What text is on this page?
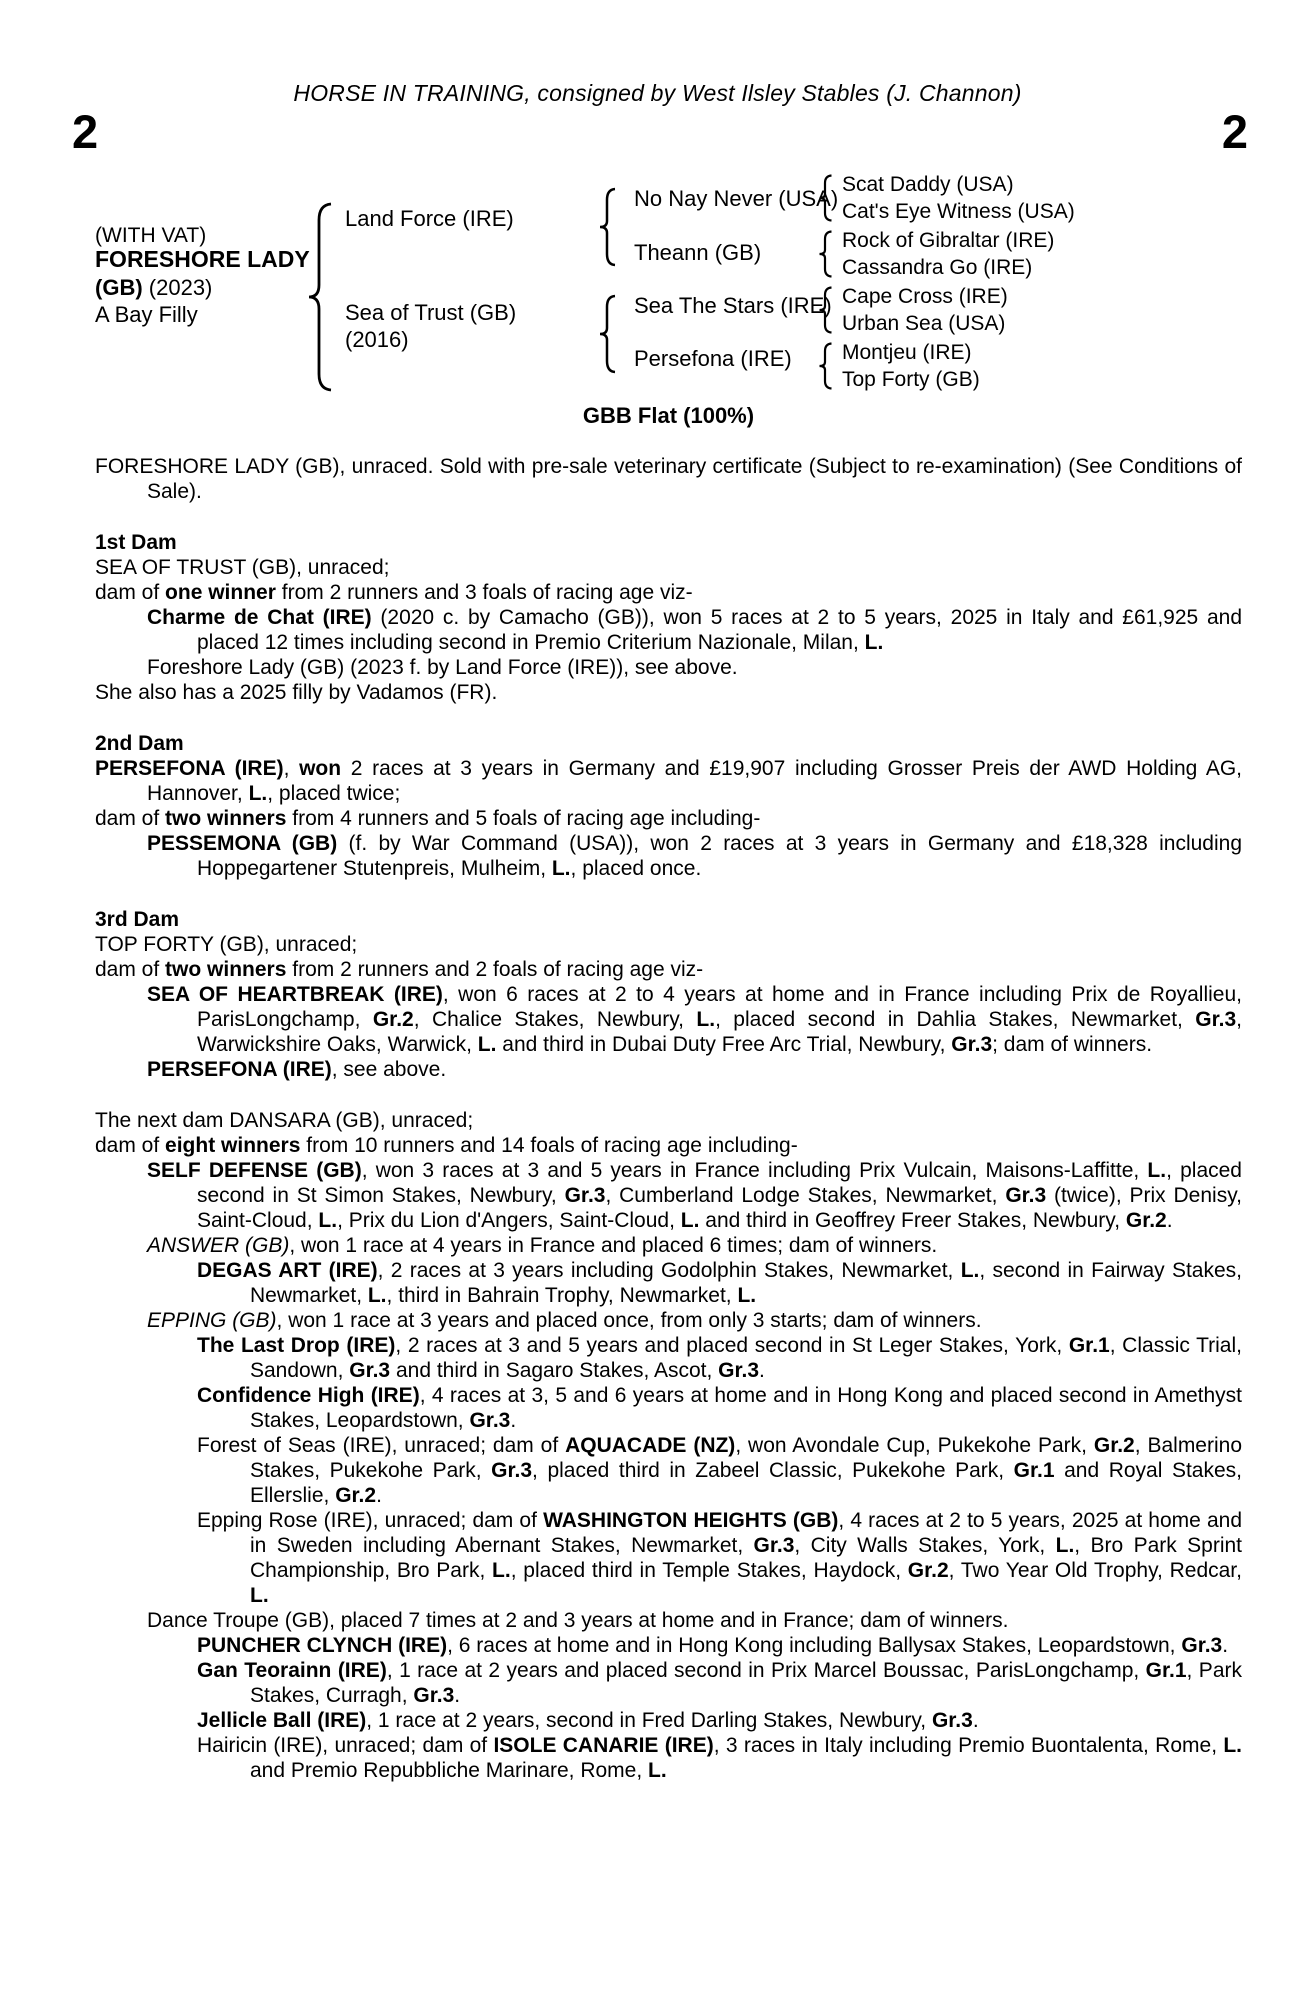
HORSE IN TRAINING, consigned by West Ilsley Stables (J. Channon)
2	2
(WITH VAT)
FORESHORE LADY
(GB) (2023)
A Bay Filly
Land Force (IRE)
Sea of Trust (GB)
(2016)
No Nay Never (USA)
Theann (GB)
Sea The Stars (IRE)
Persefona (IRE)
Scat Daddy (USA)
Cat's Eye Witness (USA)
Rock of Gibraltar (IRE)
Cassandra Go (IRE)
Cape Cross (IRE)
Urban Sea (USA)
Montjeu (IRE)
Top Forty (GB)
GBB Flat (100%)

FORESHORE LADY (GB), unraced. Sold with pre-sale veterinary certificate (Subject to re-examination) (See Conditions of Sale).

1st Dam

SEA OF TRUST (GB), unraced;

dam of one winner from 2 runners and 3 foals of racing age viz-

Charme de Chat (IRE) (2020 c. by Camacho (GB)), won 5 races at 2 to 5 years, 2025 in Italy and £61,925 and placed 12 times including second in Premio Criterium Nazionale, Milan, L.

Foreshore Lady (GB) (2023 f. by Land Force (IRE)), see above.

She also has a 2025 filly by Vadamos (FR).

2nd Dam

PERSEFONA (IRE), won 2 races at 3 years in Germany and £19,907 including Grosser Preis der AWD Holding AG, Hannover, L., placed twice;

dam of two winners from 4 runners and 5 foals of racing age including-

PESSEMONA (GB) (f. by War Command (USA)), won 2 races at 3 years in Germany and £18,328 including Hoppegartener Stutenpreis, Mulheim, L., placed once.

3rd Dam

TOP FORTY (GB), unraced;

dam of two winners from 2 runners and 2 foals of racing age viz-

SEA OF HEARTBREAK (IRE), won 6 races at 2 to 4 years at home and in France including Prix de Royallieu, ParisLongchamp, Gr.2, Chalice Stakes, Newbury, L., placed second in Dahlia Stakes, Newmarket, Gr.3, Warwickshire Oaks, Warwick, L. and third in Dubai Duty Free Arc Trial, Newbury, Gr.3; dam of winners.

PERSEFONA (IRE), see above.

The next dam DANSARA (GB), unraced;

dam of eight winners from 10 runners and 14 foals of racing age including-

SELF DEFENSE (GB), won 3 races at 3 and 5 years in France including Prix Vulcain, Maisons-Laffitte, L., placed second in St Simon Stakes, Newbury, Gr.3, Cumberland Lodge Stakes, Newmarket, Gr.3 (twice), Prix Denisy, Saint-Cloud, L., Prix du Lion d'Angers, Saint-Cloud, L. and third in Geoffrey Freer Stakes, Newbury, Gr.2.

ANSWER (GB), won 1 race at 4 years in France and placed 6 times; dam of winners.

DEGAS ART (IRE), 2 races at 3 years including Godolphin Stakes, Newmarket, L., second in Fairway Stakes, Newmarket, L., third in Bahrain Trophy, Newmarket, L.

EPPING (GB), won 1 race at 3 years and placed once, from only 3 starts; dam of winners.

The Last Drop (IRE), 2 races at 3 and 5 years and placed second in St Leger Stakes, York, Gr.1, Classic Trial, Sandown, Gr.3 and third in Sagaro Stakes, Ascot, Gr.3.

Confidence High (IRE), 4 races at 3, 5 and 6 years at home and in Hong Kong and placed second in Amethyst Stakes, Leopardstown, Gr.3.

Forest of Seas (IRE), unraced; dam of AQUACADE (NZ), won Avondale Cup, Pukekohe Park, Gr.2, Balmerino Stakes, Pukekohe Park, Gr.3, placed third in Zabeel Classic, Pukekohe Park, Gr.1 and Royal Stakes, Ellerslie, Gr.2.

Epping Rose (IRE), unraced; dam of WASHINGTON HEIGHTS (GB), 4 races at 2 to 5 years, 2025 at home and in Sweden including Abernant Stakes, Newmarket, Gr.3, City Walls Stakes, York, L., Bro Park Sprint Championship, Bro Park, L., placed third in Temple Stakes, Haydock, Gr.2, Two Year Old Trophy, Redcar, L.

Dance Troupe (GB), placed 7 times at 2 and 3 years at home and in France; dam of winners.

PUNCHER CLYNCH (IRE), 6 races at home and in Hong Kong including Ballysax Stakes, Leopardstown, Gr.3.

Gan Teorainn (IRE), 1 race at 2 years and placed second in Prix Marcel Boussac, ParisLongchamp, Gr.1, Park Stakes, Curragh, Gr.3.

Jellicle Ball (IRE), 1 race at 2 years, second in Fred Darling Stakes, Newbury, Gr.3.

Hairicin (IRE), unraced; dam of ISOLE CANARIE (IRE), 3 races in Italy including Premio Buontalenta, Rome, L. and Premio Repubbliche Marinare, Rome, L.
